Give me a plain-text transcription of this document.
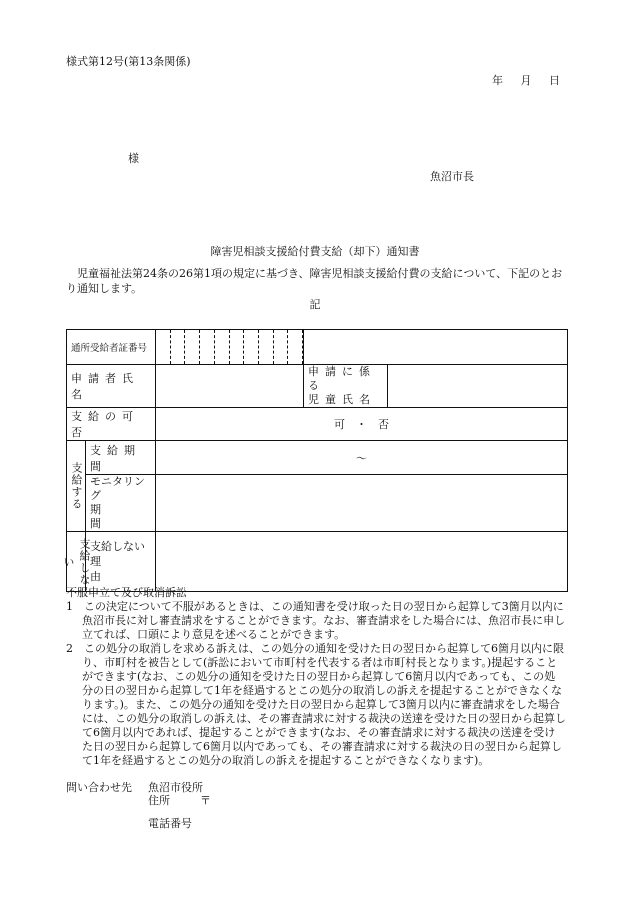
様式第12号(第13条関係)
年 月 日
様
魚沼市長
障害児相談支援給付費支給（却下）通知書
児童福祉法第24条の26第1項の規定に基づき、障害児相談支援給付費の支給について、下記のとおり通知します。
記
通所受給者証番号			

申請者氏名			申請に係る
児童氏名	
支給の可否		可　・　否		
支給する	支給期間	～		
	モニタリング
期間			
支給しない	支給しない
理由			
不服申立て及び取消訴訟
1　この決定について不服があるときは、この通知書を受け取った日の翌日から起算して3箇月以内に魚沼市長に対し審査請求をすることができます。なお、審査請求をした場合には、魚沼市長に申し立てれば、口頭により意見を述べることができます。
2　この処分の取消しを求める訴えは、この処分の通知を受けた日の翌日から起算して6箇月以内に限り、市町村を被告として(訴訟において市町村を代表する者は市町村長となります。)提起することができます(なお、この処分の通知を受けた日の翌日から起算して6箇月以内であっても、この処分の日の翌日から起算して1年を経過するとこの処分の取消しの訴えを提起することができなくなります。)。また、この処分の通知を受けた日の翌日から起算して3箇月以内に審査請求をした場合には、この処分の取消しの訴えは、その審査請求に対する裁決の送達を受けた日の翌日から起算して6箇月以内であれば、提起することができます(なお、その審査請求に対する裁決の送達を受けた日の翌日から起算して6箇月以内であっても、その審査請求に対する裁決の日の翌日から起算して1年を経過するとこの処分の取消しの訴えを提起することができなくなります)。
問い合わせ先 魚沼市役所
住所	〒
電話番号
